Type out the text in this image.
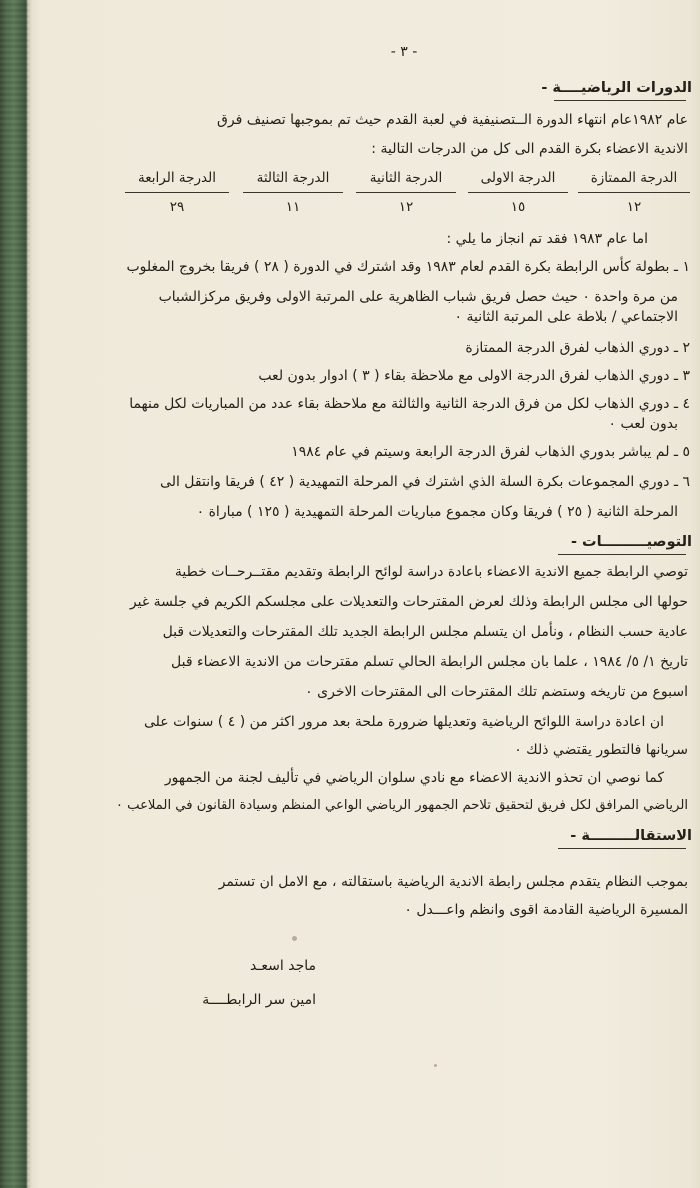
- ٣ -
الدورات الرياضيــــة -
عام ١٩٨٢عام انتهاء الدورة الــتصنيفية في لعبة القدم حيث تم بموجبها تصنيف فرق
الاندية الاعضاء بكرة القدم الى كل من الدرجات التالية :
الدرجة الممتازة
الدرجة الاولى
الدرجة الثانية
الدرجة الثالثة
الدرجة الرابعة
١٢
١٥
١٢
١١
٢٩
اما عام ١٩٨٣ فقد تم انجاز ما يلي :
١ ـ بطولة كأس الرابطة بكرة القدم لعام ١٩٨٣ وقد اشترك في الدورة ( ٢٨ ) فريقا بخروج المغلوب
من مرة واحدة ٠ حيث حصل فريق شباب الظاهرية على المرتبة الاولى وفريق مركزالشباب
الاجتماعي / بلاطة على المرتبة الثانية ٠
٢ ـ دوري الذهاب لفرق الدرجة الممتازة
٣ ـ دوري الذهاب لفرق الدرجة الاولى مع ملاحظة بقاء ( ٣ ) ادوار بدون لعب
٤ ـ دوري الذهاب لكل من فرق الدرجة الثانية والثالثة مع ملاحظة بقاء عدد من المباريات لكل منهما
بدون لعب ٠
٥ ـ لم يباشر بدوري الذهاب لفرق الدرجة الرابعة وسيتم في عام ١٩٨٤
٦ ـ دوري المجموعات بكرة السلة الذي اشترك في المرحلة التمهيدية ( ٤٢ ) فريقا وانتقل الى
المرحلة الثانية ( ٢٥ ) فريقا وكان مجموع مباريات المرحلة التمهيدية ( ١٢٥ ) مباراة ٠
التوصيـــــــــات -
توصي الرابطة جميع الاندية الاعضاء باعادة دراسة لوائح الرابطة وتقديم مقتــرحــات خطية
حولها الى مجلس الرابطة وذلك لعرض المقترحات والتعديلات على مجلسكم الكريم في جلسة غير
عادية حسب النظام ، ونأمل ان يتسلم مجلس الرابطة الجديد تلك المقترحات والتعديلات قبل
تاريخ ١/ ٥/ ١٩٨٤ ، علما بان مجلس الرابطة الحالي تسلم مقترحات من الاندية الاعضاء قبل
اسبوع من تاريخه وستضم تلك المقترحات الى المقترحات الاخرى ٠
ان اعادة دراسة اللوائح الرياضية وتعديلها ضرورة ملحة بعد مرور اكثر من ( ٤ ) سنوات على
سريانها فالتطور يقتضي ذلك ٠
كما نوصي ان تحذو الاندية الاعضاء مع نادي سلوان الرياضي في تأليف لجنة من الجمهور
الرياضي المرافق لكل فريق لتحقيق تلاحم الجمهور الرياضي الواعي المنظم وسيادة القانون في الملاعب ٠
الاستقالـــــــــة -
بموجب النظام يتقدم مجلس رابطة الاندية الرياضية باستقالته ، مع الامل ان تستمر
المسيرة الرياضية القادمة اقوى وانظم واعـــدل ٠
ماجد اسعـد
امين سر الرابطــــة
